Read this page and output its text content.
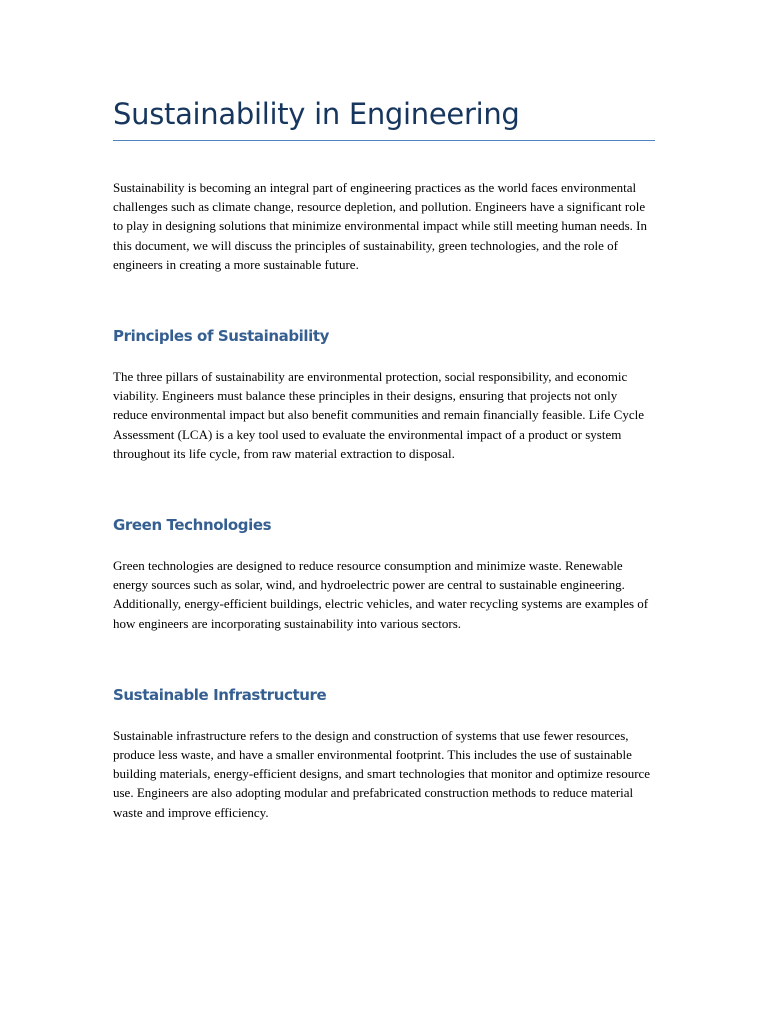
Sustainability in Engineering

Sustainability is becoming an integral part of engineering practices as the world faces environmental challenges such as climate change, resource depletion, and pollution. Engineers have a significant role to play in designing solutions that minimize environmental impact while still meeting human needs. In this document, we will discuss the principles of sustainability, green technologies, and the role of engineers in creating a more sustainable future.

Principles of Sustainability

The three pillars of sustainability are environmental protection, social responsibility, and economic viability. Engineers must balance these principles in their designs, ensuring that projects not only reduce environmental impact but also benefit communities and remain financially feasible. Life Cycle Assessment (LCA) is a key tool used to evaluate the environmental impact of a product or system throughout its life cycle, from raw material extraction to disposal.

Green Technologies

Green technologies are designed to reduce resource consumption and minimize waste. Renewable energy sources such as solar, wind, and hydroelectric power are central to sustainable engineering. Additionally, energy-efficient buildings, electric vehicles, and water recycling systems are examples of how engineers are incorporating sustainability into various sectors.

Sustainable Infrastructure

Sustainable infrastructure refers to the design and construction of systems that use fewer resources, produce less waste, and have a smaller environmental footprint. This includes the use of sustainable building materials, energy-efficient designs, and smart technologies that monitor and optimize resource use. Engineers are also adopting modular and prefabricated construction methods to reduce material waste and improve efficiency.
